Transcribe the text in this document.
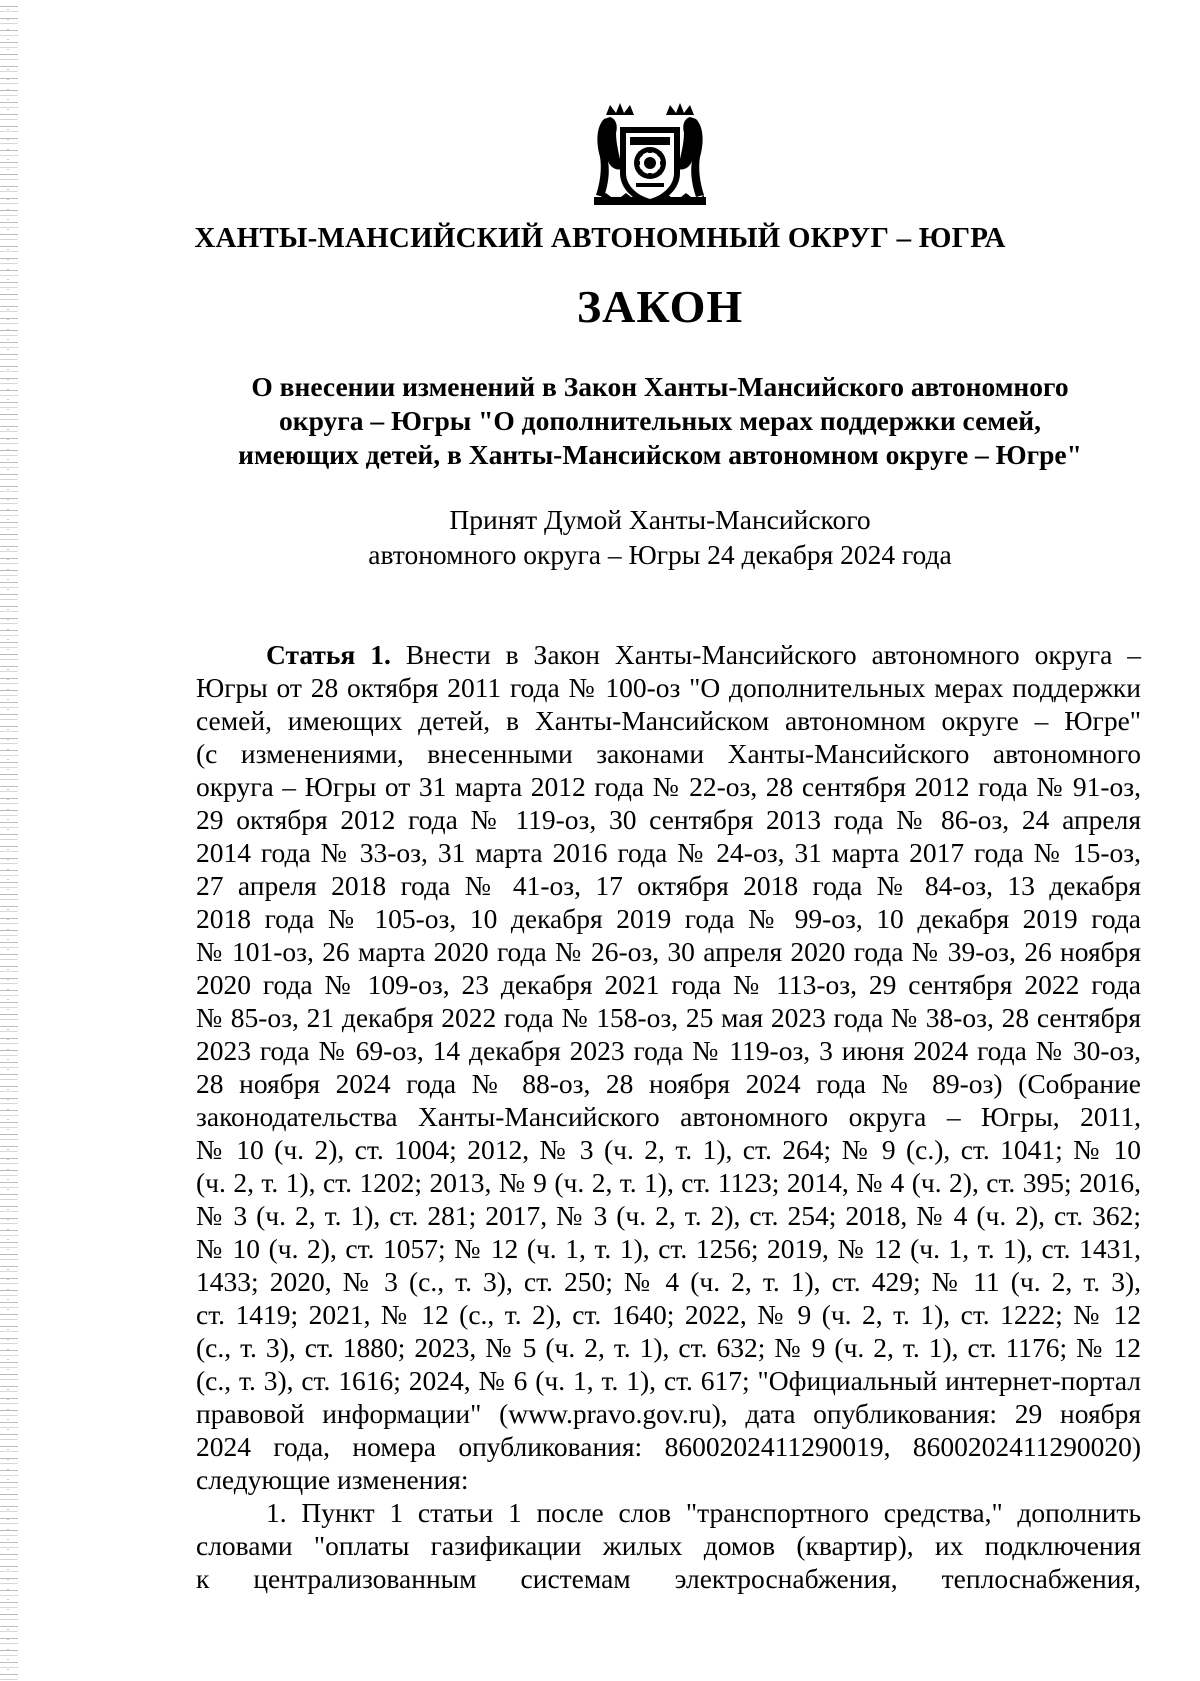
ХАНТЫ-МАНСИЙСКИЙ АВТОНОМНЫЙ ОКРУГ – ЮГРА
ЗАКОН
О внесении изменений в Закон Ханты-Мансийского автономного
округа – Югры "О дополнительных мерах поддержки семей,
имеющих детей, в Ханты-Мансийском автономном округе – Югре"
Принят Думой Ханты-Мансийского
автономного округа – Югры 24 декабря 2024 года
Статья 1. Внести в Закон Ханты-Мансийского автономного округа –
Югры от 28 октября 2011 года № 100-оз "О дополнительных мерах поддержки
семей, имеющих детей, в Ханты-Мансийском автономном округе – Югре"
(с изменениями, внесенными законами Ханты-Мансийского автономного
округа – Югры от 31 марта 2012 года № 22-оз, 28 сентября 2012 года № 91-оз,
29 октября 2012 года № 119-оз, 30 сентября 2013 года № 86-оз, 24 апреля
2014 года № 33-оз, 31 марта 2016 года № 24-оз, 31 марта 2017 года № 15-оз,
27 апреля 2018 года № 41-оз, 17 октября 2018 года № 84-оз, 13 декабря
2018 года № 105-оз, 10 декабря 2019 года № 99-оз, 10 декабря 2019 года
№ 101-оз, 26 марта 2020 года № 26-оз, 30 апреля 2020 года № 39-оз, 26 ноября
2020 года № 109-оз, 23 декабря 2021 года № 113-оз, 29 сентября 2022 года
№ 85-оз, 21 декабря 2022 года № 158-оз, 25 мая 2023 года № 38-оз, 28 сентября
2023 года № 69-оз, 14 декабря 2023 года № 119-оз, 3 июня 2024 года № 30-оз,
28 ноября 2024 года № 88-оз, 28 ноября 2024 года № 89-оз) (Собрание
законодательства Ханты-Мансийского автономного округа – Югры, 2011,
№ 10 (ч. 2), ст. 1004; 2012, № 3 (ч. 2, т. 1), ст. 264; № 9 (с.), ст. 1041; № 10
(ч. 2, т. 1), ст. 1202; 2013, № 9 (ч. 2, т. 1), ст. 1123; 2014, № 4 (ч. 2), ст. 395; 2016,
№ 3 (ч. 2, т. 1), ст. 281; 2017, № 3 (ч. 2, т. 2), ст. 254; 2018, № 4 (ч. 2), ст. 362;
№ 10 (ч. 2), ст. 1057; № 12 (ч. 1, т. 1), ст. 1256; 2019, № 12 (ч. 1, т. 1), ст. 1431,
1433; 2020, № 3 (с., т. 3), ст. 250; № 4 (ч. 2, т. 1), ст. 429; № 11 (ч. 2, т. 3),
ст. 1419; 2021, № 12 (с., т. 2), ст. 1640; 2022, № 9 (ч. 2, т. 1), ст. 1222; № 12
(с., т. 3), ст. 1880; 2023, № 5 (ч. 2, т. 1), ст. 632; № 9 (ч. 2, т. 1), ст. 1176; № 12
(с., т. 3), ст. 1616; 2024, № 6 (ч. 1, т. 1), ст. 617; "Официальный интернет-портал
правовой информации" (www.pravo.gov.ru), дата опубликования: 29 ноября
2024 года, номера опубликования: 8600202411290019, 8600202411290020)
следующие изменения:
1. Пункт 1 статьи 1 после слов "транспортного средства," дополнить
словами "оплаты газификации жилых домов (квартир), их подключения
к централизованным системам электроснабжения, теплоснабжения,
